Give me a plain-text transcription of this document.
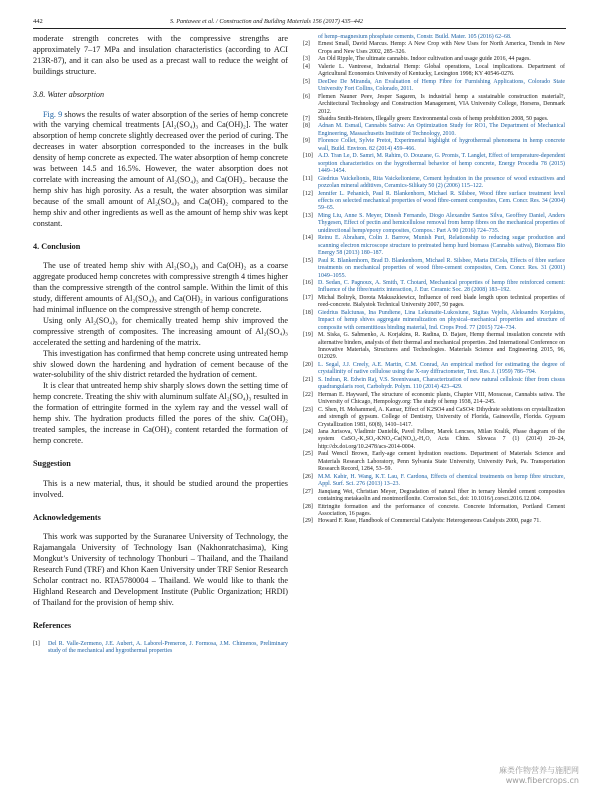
442	S. Pantawee et al. / Construction and Building Materials 156 (2017) 435–442

moderate strength concretes with the compressive strengths are approximately 7–17 MPa and insulation characteristics (according to ACI 213R-87), and it can also be used as a precast wall to reduce the weight of buildings structure.

3.8. Water absorption

Fig. 9 shows the results of water absorption of the series of hemp concrete with the varying chemical treatments [Al₂(SO₄)₃ and Ca(OH)₂]. The water absorption of hemp concrete slightly decreased over the period of curing. The decreases in water absorption corresponded to the increases in the bulk density of hemp concrete as expected. The water absorption of hemp concrete was between 14.5 and 16.5%. However, the water absorption does not correlate with increasing the amount of Al₂(SO₄)₃ and Ca(OH)₂. because the hemp shiv has high porosity. As a result, the water absorption was similar because of the small amount of Al₂(SO₄)₃ and Ca(OH)₂ compared to the hemp shiv and other ingredients as well as the amount of hemp shiv was kept constant.

4. Conclusion

The use of treated hemp shiv with Al₂(SO₄)₃ and Ca(OH)₂ as a coarse aggregate produced hemp concretes with compressive strength 4 times higher than the compressive strength of the control sample. Within the limit of this study, different amounts of Al₂(SO₄)₃ and Ca(OH)₂ in various configurations had minimal influence on the compressive strength of hemp concrete.

Using only Al₂(SO₄)₃ for chemically treated hemp shiv improved the compressive strength of composites. The increasing amount of Al₂(SO₄)₃ accelerated the setting and hardening of the matrix.

This investigation has confirmed that hemp concrete using untreated hemp shiv slowed down the hardening and hydration of cement because of the water-solubility of the shiv district retarded the hydration of cement.

It is clear that untreated hemp shiv sharply slows down the setting time of hemp concrete. Treating the shiv with aluminum sulfate Al₂(SO₄)₃ resulted in the formation of ettringite formed in the xylem ray and the vessel wall of hemp shiv. The hydration products filled the pores of the shiv. Ca(OH)₂ treated samples, the increase in Ca(OH)₂ content retarded the formation of hemp concrete.

Suggestion

This is a new material, thus, it should be studied around the properties involved.

Acknowledgements

This work was supported by the Suranaree University of Technology, the Rajamangala University of Technology Isan (Nakhonratchasima), King Mongkut’s University of technology Thonburi – Thailand, and the Thailand Research Fund (TRF) and Khon Kaen University under TRF Senior Research Scholar contract no. RTA5780004 – Thailand. We would like to thank the Highland Research and Development Institute (Public Organization; HRDI) of Thailand for the provision of hemp shiv.

References
[1] Del R. Valle-Zermeno, J.E. Aubert, A. Laborel-Preneron, J. Formosa, J.M. Chimenos, Preliminary study of the mechanical and hygrothermal properties
of hemp–magnesium phosphate cements, Constr. Build. Mater. 105 (2016) 62–68.
[2] Ernest Small, David Marcus. Hemp: A New Crop with New Uses for North America, Trends in New Crops and New Uses 2002, 285–326.
[3] An Old Ripple, The ultimate cannabis. Indoor cultivation and usage guide 2016, 44 pages.
[4] Valerie L. Vantreese, Industrial Hemp: Global operations, Local implications. Department of Agricultural Economics University of Kentucky, Lexington 1998; KY 40546-0276.
[5] DeeDee De Miranda, An Evaluation of Hemp Fibre for Furnishing Applications, Colorado State University Fort Collins, Colorado, 2011.
[6] Flemen Nauner Peev, Jesper Sagaren, Is industrial hemp a sustainable construction material?, Architectural Technology and Construction Management, VIA University College, Horsens, Denmark 2012.
[7] Shaidra Smith-Heisters, Illegally green: Environmental costs of hemp prohibition 2008, 50 pages.
[8] Adnan M. Esmail, Cannabis Sativa: An Optimization Study for RO1, The Department of Mechanical Engineering, Massachusetts Institute of Technology, 2010.
[9] Florence Collet, Sylvie Pretot, Experimental highlight of hygrothermal phenomena in hemp concrete wall, Build. Environ. 82 (2014) 459–466.
[10] A.D. Tran Le, D. Samri, M. Rahim, O. Douzane, G. Promis, T. Langlet, Effect of temperature-dependent sorption characteristics on the hygrothermal behavior of hemp concrete, Energy Procedia 78 (2015) 1449–1454.
[11] Giedrius Vaickelionis, Rita Vaickelioniene, Cement hydration in the presence of wood extractives and pozzolan mineral additives, Ceramics-Silikaty 50 (2) (2006) 115–122.
[12] Jennifer L. Pehanich, Paul R. Blankenhorn, Michael R. Silsbee, Wood fibre surface treatment level effects on selected mechanical properties of wood fibre-cement composites, Cem. Concr. Res. 34 (2004) 59–65.
[13] Ming Liu, Anne S. Meyer, Dinesh Fernando, Diogo Alexandre Santos Silva, Geoffrey Daniel, Anders Thygesen, Effect of pectin and hemicellulose removal from hemp fibres on the mechanical properties of unidirectional hemp/epoxy composites, Compos.: Part A 90 (2016) 724–735.
[14] Reinu E. Abraham, Colin J. Barrow, Munish Puri, Relationship to reducing sugar production and scanning electron microscope structure to pretreated hemp hurd biomass (Cannabis sativa), Biomass Bio Energy 58 (2013) 180–187.
[15] Paul R. Blankenhorn, Brad D. Blankenhorn, Michael R. Silsbee, Maria DiCola, Effects of fibre surface treatments on mechanical properties of wood fibre-cement composites, Cem. Concr. Res. 31 (2001) 1049–1055.
[16] D. Sedan, C. Pagnoux, A. Smith, T. Chotard, Mechanical properties of hemp fibre reinforced cement: Influence of the fibre/matrix interaction, J. Eur. Ceramic Soc. 28 (2008) 183–192.
[17] Michal Boltryk, Dorota Makuszkiewicz, Influence of reed blade length upon technical properties of reed-concrete. Bialystok Technical University 2007, 50 pages.
[18] Giedrius Balciunas, Ina Pundiene, Lina Lekunaite-Lukosiune, Sigitas Vejelis, Aleksandrs Korjakins, Impact of hemp shives aggregate mineralization on physical–mechanical properties and structure of composite with cementitious binding material, Ind. Crops Prod. 77 (2015) 724–734.
[19] M. Siska, G. Sahmenko, A. Korjakins, R. Radina, D. Bajare, Hemp thermal insulation concrete with alternative binders, analysis of their thermal and mechanical properties. 2nd International Conference on Innovative Materials, Structures and Technologies. Materials Science and Engineering 2015, 96, 012029.
[20] L. Segal, J.J. Creely, A.E. Martin, C.M. Conrad, An empirical method for estimating the degree of crystallinity of native cellulose using the X-ray diffractometer, Text. Res. J. (1959) 786–794.
[21] S. Indran, R. Edwin Raj, V.S. Sreenivasan, Characterization of new natural cellulosic fiber from cissus quadrangularis root, Carbohydr. Polym. 110 (2014) 423–429.
[22] Herman E. Hayward, The structure of economic plants, Chapter VIII, Moraceae, Cannabis sativa. The University of Chicago, Hempology.org: The study of hemp 1938, 214–245.
[23] C. Shen, H. Mohammed, A. Kamar, Effect of K2SO4 and CaSO4: Dihydrate solutions on crystallization and strength of gypsum. College of Dentistry, University of Florida, Gainesville, Florida. Gypsum Crystallization 1981, 60(8), 1410–1417.
[24] Jana Jurisova, Vladimir Danielik, Pavel Fellner, Marek Lencses, Milan Kralik, Phase diagram of the system CaSO₄-K₂SO₄-KNO₃-Ca(NO₃)₂-H₂O, Acta Chim. Slovaca 7 (1) (2014) 20–24, http://dx.doi.org/10.2478/acs-2014-0004.
[25] Paul Wencil Brown, Early-age cement hydration reactions. Department of Materials Science and Materials Research Laboratory, Penn Sylvania State University, University Park, Pa. Transportation Research Record, 1284, 53–59.
[26] M.M. Kabir, H. Wang, K.T. Lau, F. Cardona, Effects of chemical treatments on hemp fibre structure, Appl. Surf. Sci. 276 (2013) 13–23.
[27] Jianqiang Wei, Christian Meyer, Degradation of natural fiber in ternary blended cement composites containing metakaolin and montmorillonite. Corrosion Sci., doi: 10.1016/j.corsci.2016.12.004.
[28] Ettringite formation and the performance of concrete. Concrete Information, Portland Cement Association, 16 pages.
[29] Howard F. Rase, Handbook of Commercial Catalysts: Heterogeneous Catalysts 2000, page 71.
麻类作物营养与施肥网
www.fibercrops.cn
